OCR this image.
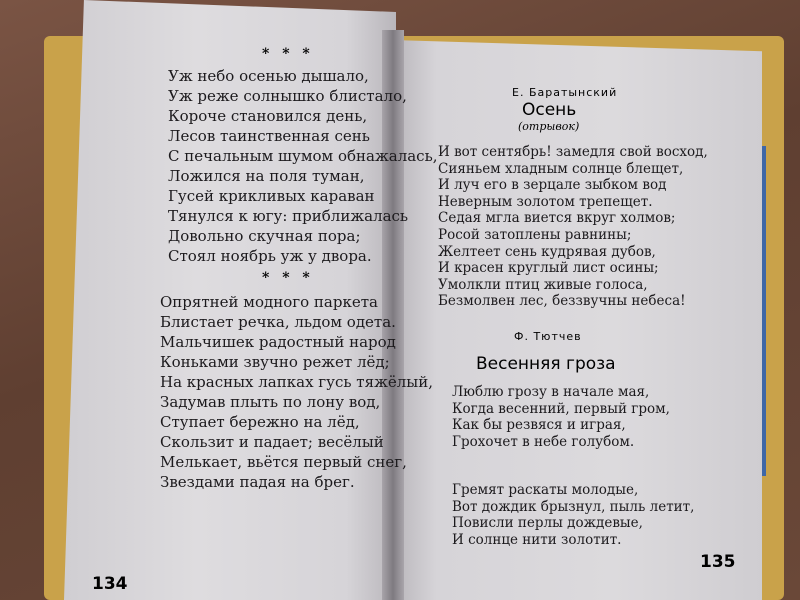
* * *
Уж небо осенью дышало,
Уж реже солнышко блистало,
Короче становился день,
Лесов таинственная сень
С печальным шумом обнажалась,
Ложился на поля туман,
Гусей крикливых караван
Тянулся к югу: приближалась
Довольно скучная пора;
Стоял ноябрь уж у двора.
* * *
Опрятней модного паркета
Блистает речка, льдом одета.
Мальчишек радостный народ
Коньками звучно режет лёд;
На красных лапках гусь тяжёлый,
Задумав плыть по лону вод,
Ступает бережно на лёд,
Скользит и падает; весёлый
Мелькает, вьётся первый снег,
Звездами падая на брег.
134
Е. Баратынский
Осень
(отрывок)
И вот сентябрь! замедля свой восход,
Сияньем хладным солнце блещет,
И луч его в зерцале зыбком вод
Неверным золотом трепещет.
Седая мгла виется вкруг холмов;
Росой затоплены равнины;
Желтеет сень кудрявая дубов,
И красен круглый лист осины;
Умолкли птиц живые голоса,
Безмолвен лес, беззвучны небеса!
Ф. Тютчев
Весенняя гроза
Люблю грозу в начале мая,
Когда весенний, первый гром,
Как бы резвяся и играя,
Грохочет в небе голубом.
Гремят раскаты молодые,
Вот дождик брызнул, пыль летит,
Повисли перлы дождевые,
И солнце нити золотит.
135
